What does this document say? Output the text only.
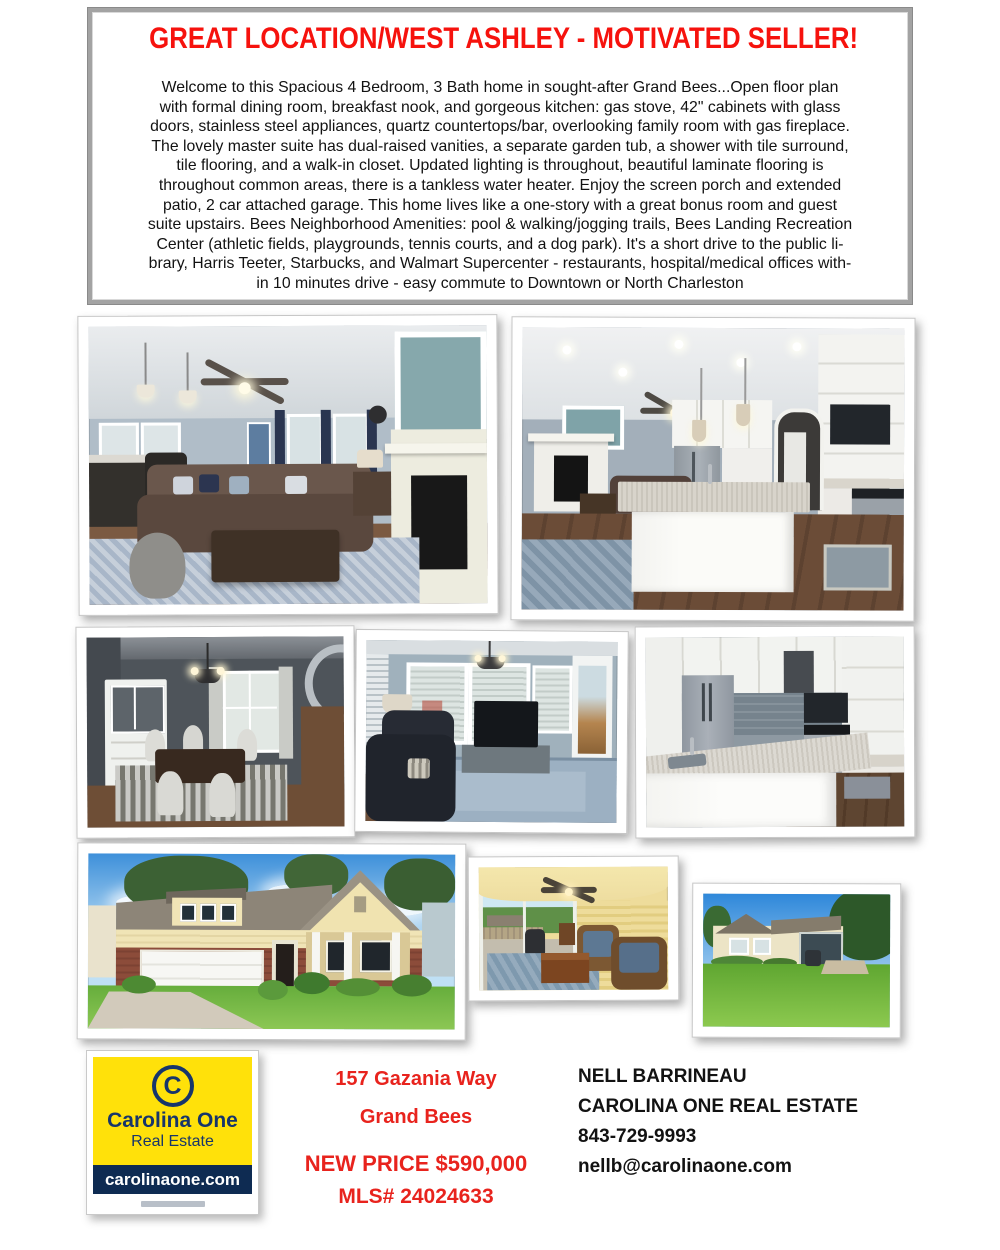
GREAT LOCATION/WEST ASHLEY - MOTIVATED SELLER!

Welcome to this Spacious 4 Bedroom, 3 Bath home in sought-after Grand Bees...Open floor plan

with formal dining room, breakfast nook, and gorgeous kitchen: gas stove, 42" cabinets with glass

doors, stainless steel appliances, quartz countertops/bar, overlooking family room with gas fireplace.

The lovely master suite has dual-raised vanities, a separate garden tub, a shower with tile surround,

tile flooring, and a walk-in closet. Updated lighting is throughout, beautiful laminate flooring is

throughout common areas, there is a tankless water heater. Enjoy the screen porch and extended

patio, 2 car attached garage. This home lives like a one-story with a great bonus room and guest

suite upstairs. Bees Neighborhood Amenities: pool & walking/jogging trails, Bees Landing Recreation

Center (athletic fields, playgrounds, tennis courts, and a dog park). It's a short drive to the public li-

brary, Harris Teeter, Starbucks, and Walmart Supercenter - restaurants, hospital/medical offices with-

in 10 minutes drive - easy commute to Downtown or North Charleston

C
Carolina One
Real Estate
carolinaone.com
157 Gazania Way
Grand Bees
NEW PRICE $590,000
MLS# 24024633
NELL BARRINEAU
CAROLINA ONE REAL ESTATE
843-729-9993
nellb@carolinaone.com
